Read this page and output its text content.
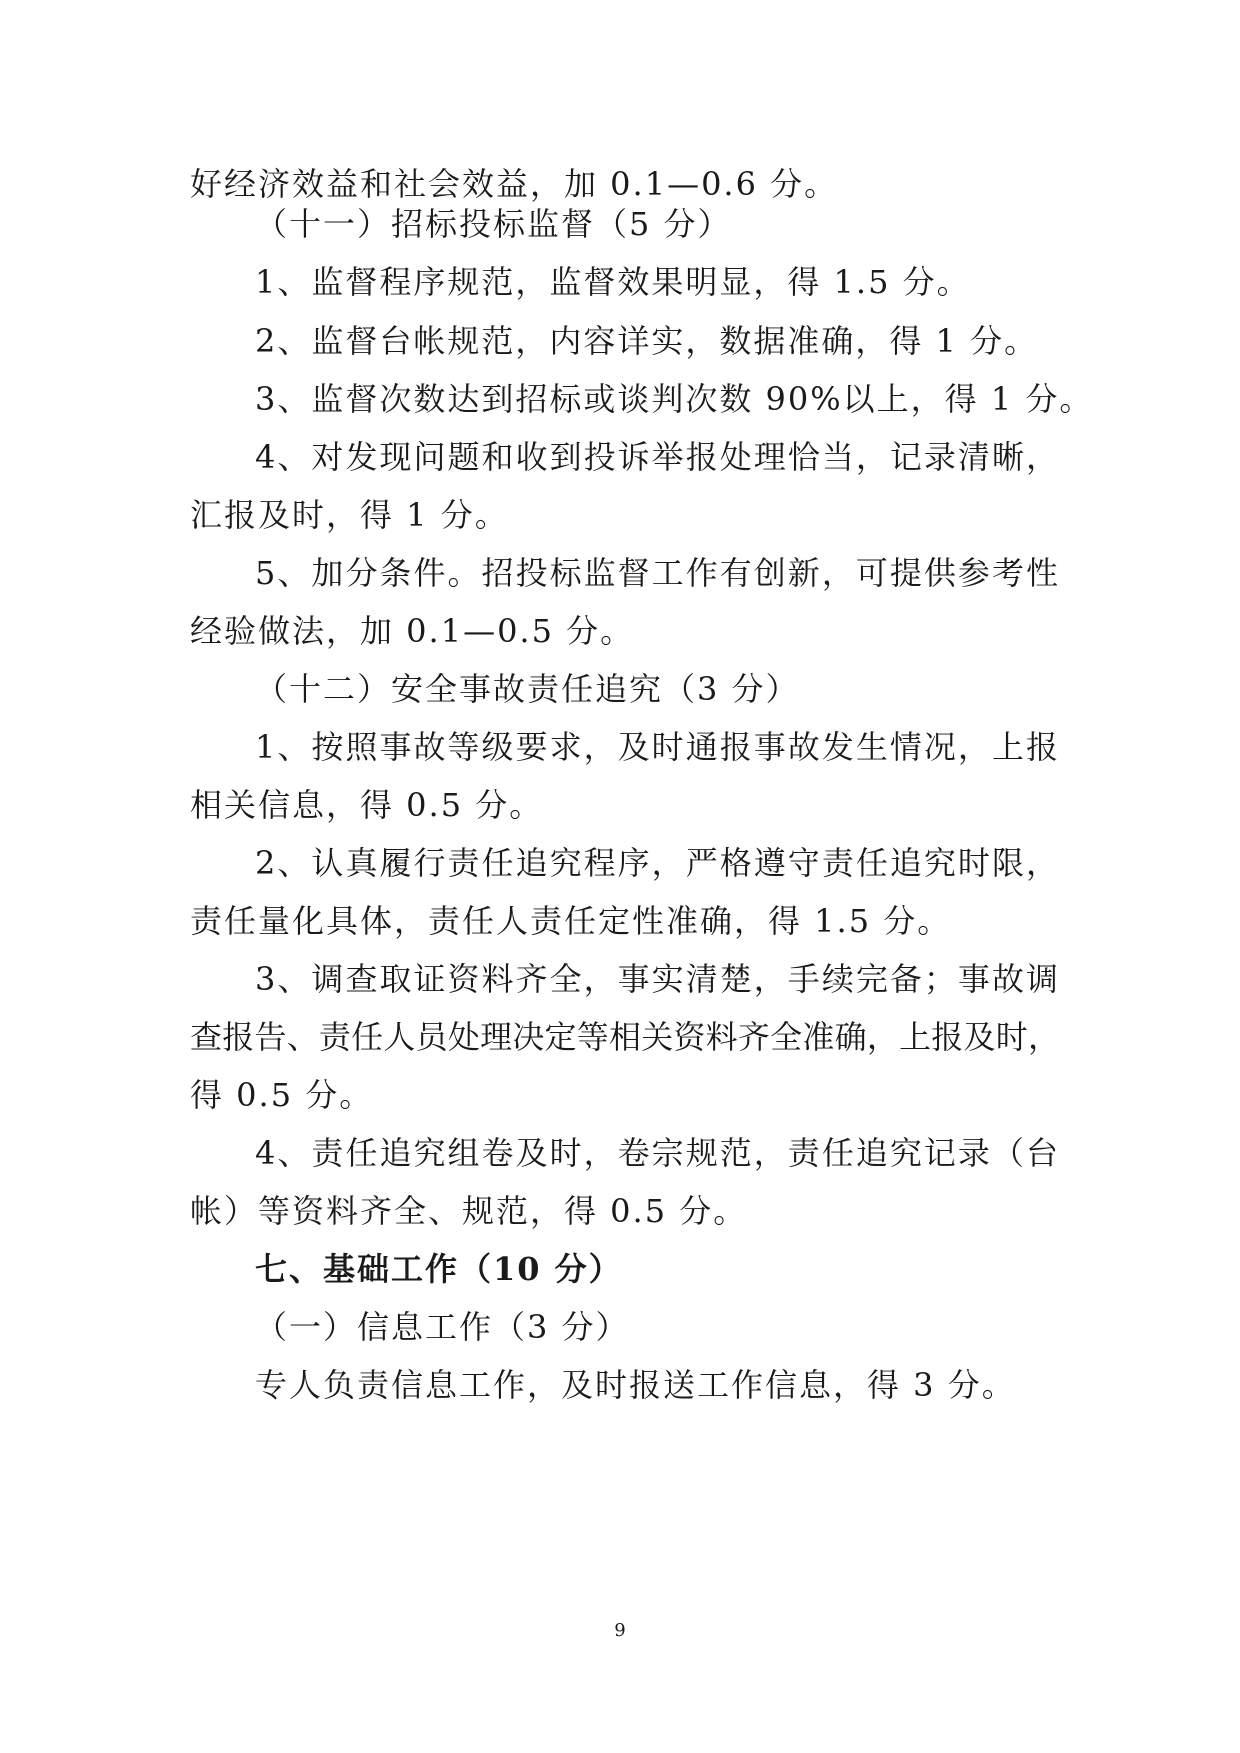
好经济效益和社会效益，加 0.1—0.6 分。
（十一）招标投标监督（5 分）
1、监督程序规范，监督效果明显，得 1.5 分。
2、监督台帐规范，内容详实，数据准确，得 1 分。
3、监督次数达到招标或谈判次数 90%以上，得 1 分。
4、对发现问题和收到投诉举报处理恰当，记录清晰，
汇报及时，得 1 分。
5、加分条件。招投标监督工作有创新，可提供参考性
经验做法，加 0.1—0.5 分。
（十二）安全事故责任追究（3 分）
1、按照事故等级要求，及时通报事故发生情况，上报
相关信息，得 0.5 分。
2、认真履行责任追究程序，严格遵守责任追究时限，
责任量化具体，责任人责任定性准确，得 1.5 分。
3、调查取证资料齐全，事实清楚，手续完备；事故调
查报告、责任人员处理决定等相关资料齐全准确，上报及时，
得 0.5 分。
4、责任追究组卷及时，卷宗规范，责任追究记录（台
帐）等资料齐全、规范，得 0.5 分。
七、基础工作（10 分）
（一）信息工作（3 分）
专人负责信息工作，及时报送工作信息，得 3 分。
9
